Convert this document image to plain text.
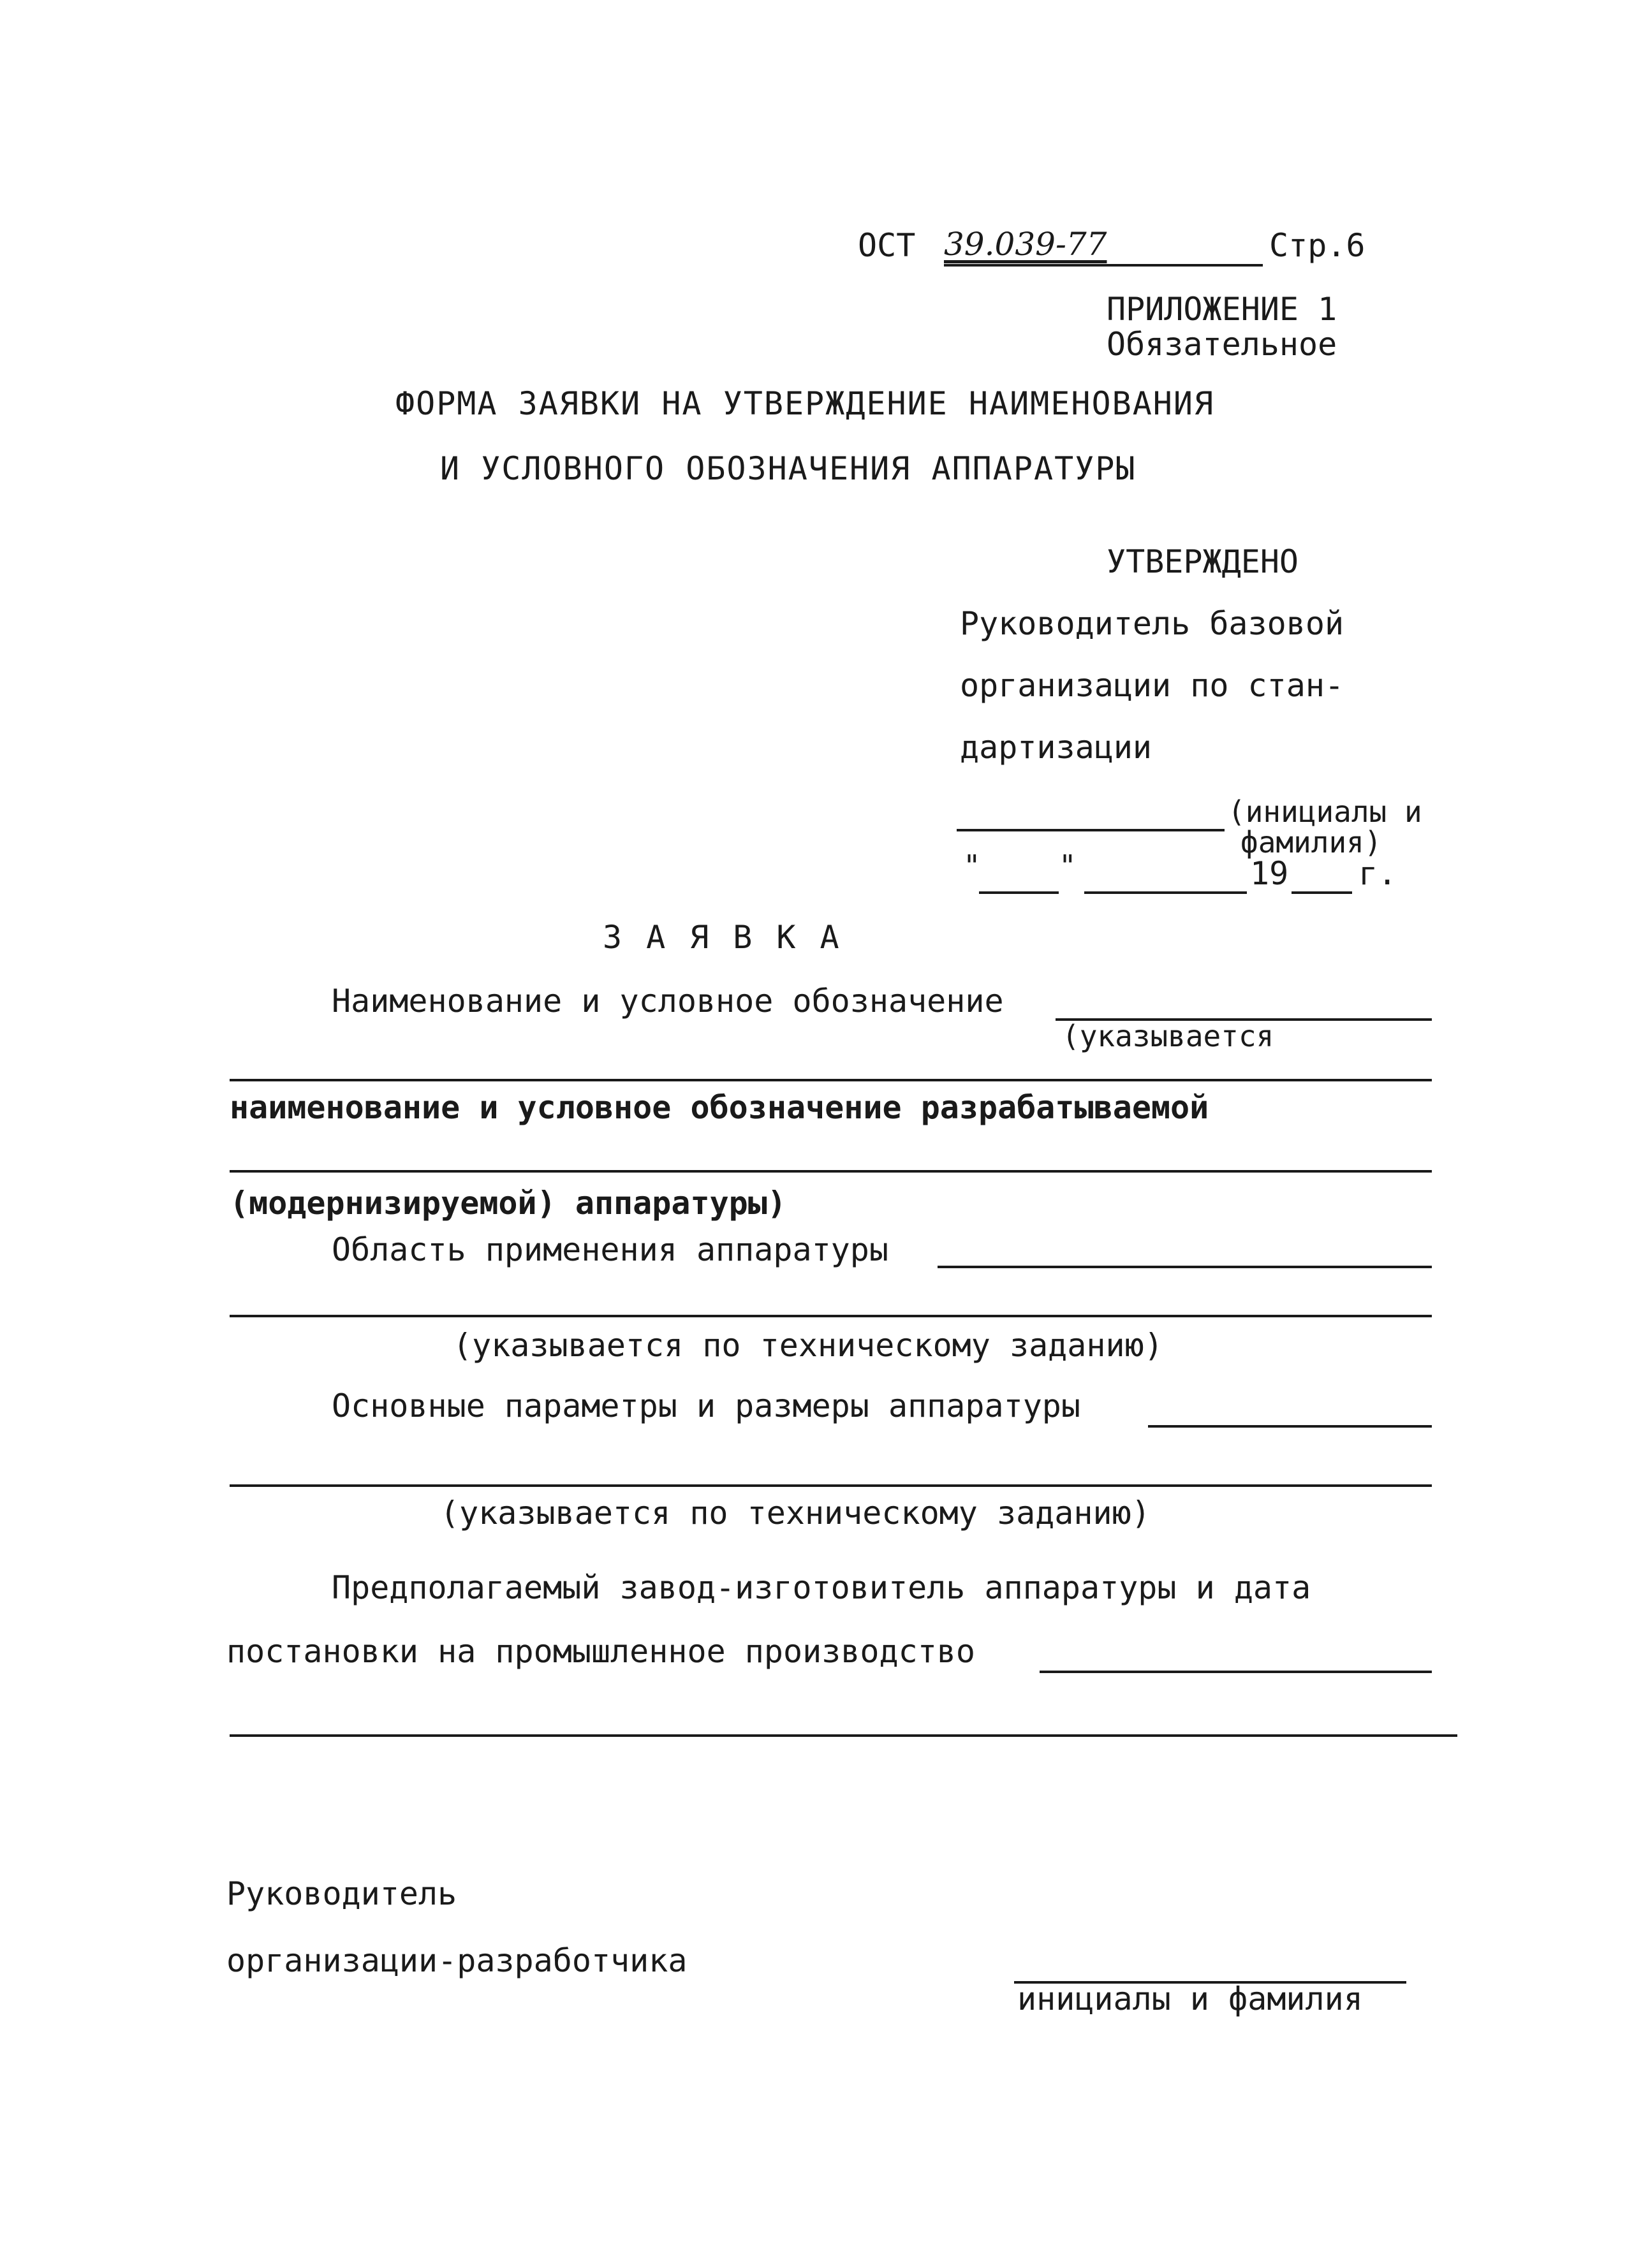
ОСТ 39.039-77	Стр.6
ПРИЛОЖЕНИЕ 1
Обязательное
ФОРМА ЗАЯВКИ НА УТВЕРЖДЕНИЕ НАИМЕНОВАНИЯ
И УСЛОВНОГО ОБОЗНАЧЕНИЯ АППАРАТУРЫ
УТВЕРЖДЕНО
Руководитель базовой
организации по стан-
дартизации
(инициалы и
фамилия)
"	"	19 г.
ЗАЯВКА
Наименование и условное обозначение
(указывается
наименование и условное обозначение разрабатываемой
(модернизируемой) аппаратуры)
Область применения аппаратуры
(указывается по техническому заданию)
Основные параметры и размеры аппаратуры
(указывается по техническому заданию)
Предполагаемый завод-изготовитель аппаратуры и дата
постановки на промышленное производство
Руководитель
организации-разработчика
инициалы и фамилия
